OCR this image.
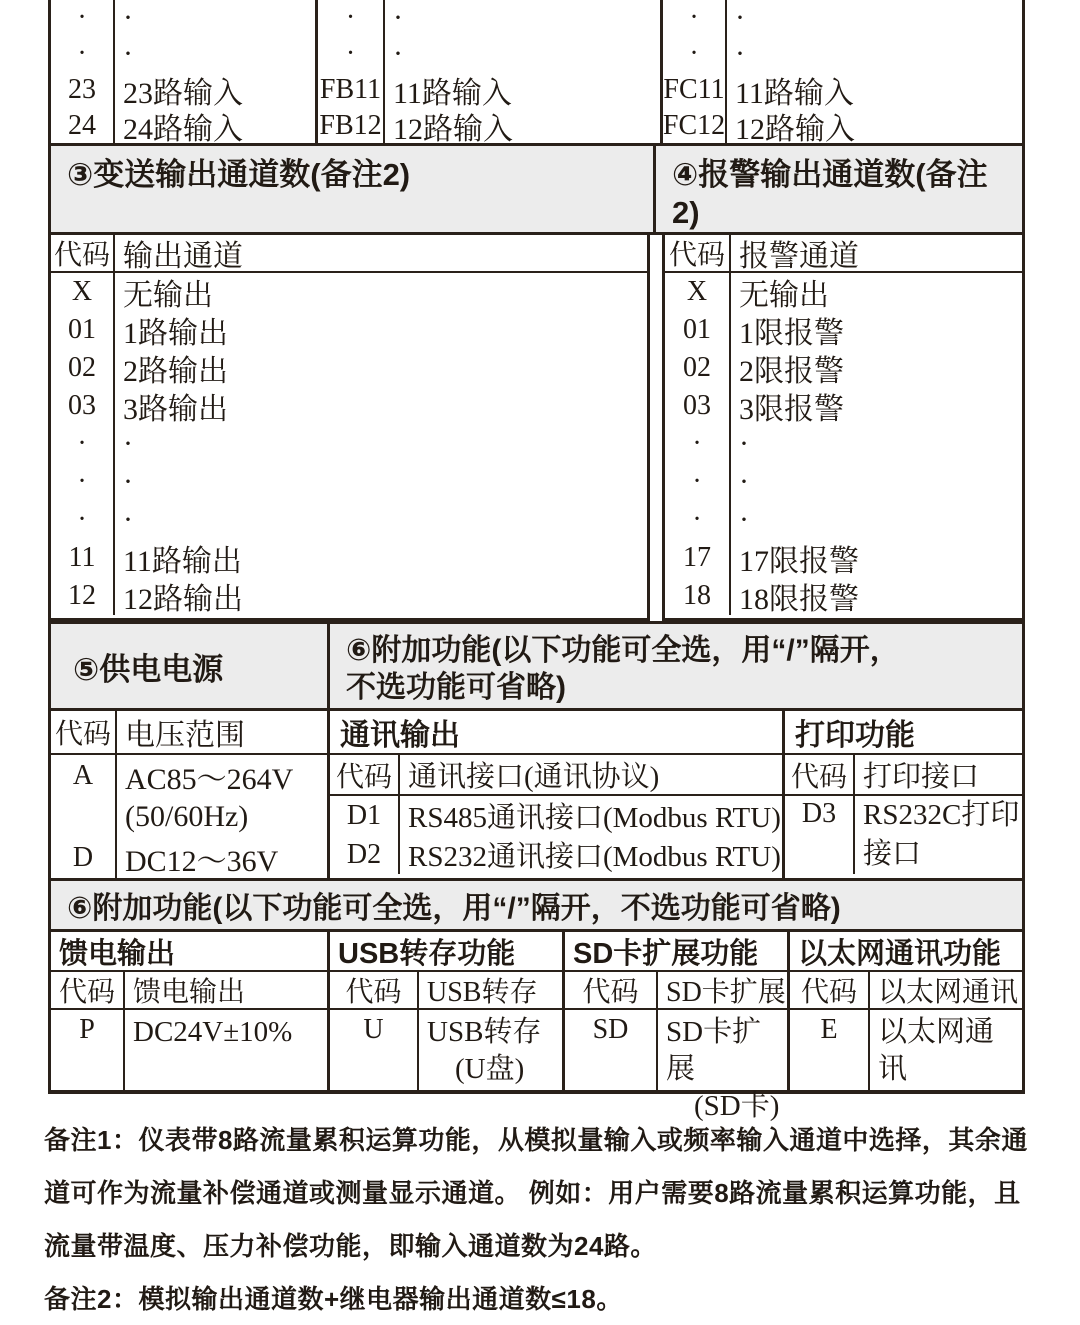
·	·
·	·
23 23路输入
24 24路输入
·	·
·	·
FB11 11路输入
FB12 12路输入
·	·
·	·
FC11 11路输入
FC12 12路输入
③变送输出通道数(备注2)	④报警输出通道数(备注2)
代码 输出通道
X	无输出
01 1路输出
02 2路输出
03 3路输出
·	·
·	·
·	·
11 11路输出
12 12路输出
代码 报警通道
X	无输出
01 1限报警
02 2限报警
03 3限报警
·	·
·	·
·	·
17 17限报警
18 18限报警
⑤供电电源
⑥附加功能(以下功能可全选，用“/”隔开，
不选功能可省略)
代码 电压范围
A	AC85～264V
(50/60Hz)
D	DC12～36V
通讯输出
代码 通讯接口(通讯协议)
D1 RS485通讯接口(Modbus RTU)
D2 RS232通讯接口(Modbus RTU)
打印功能
代码 打印接口
D3 RS232C打印
接口
⑥附加功能(以下功能可全选，用“/”隔开，不选功能可省略)
馈电输出
代码 馈电输出
P	DC24V±10%
USB转存功能
代码 USB转存
U	USB转存
(U盘)
SD卡扩展功能
代码 SD卡扩展
SD	SD卡扩展
(SD卡)
以太网通讯功能
代码 以太网通讯
E	以太网通讯
备注1：仪表带8路流量累积运算功能，从模拟量输入或频率输入通道中选择，其余通
道可作为流量补偿通道或测量显示通道。 例如：用户需要8路流量累积运算功能，且
流量带温度、压力补偿功能，即输入通道数为24路。
备注2：模拟输出通道数+继电器输出通道数≤18。
